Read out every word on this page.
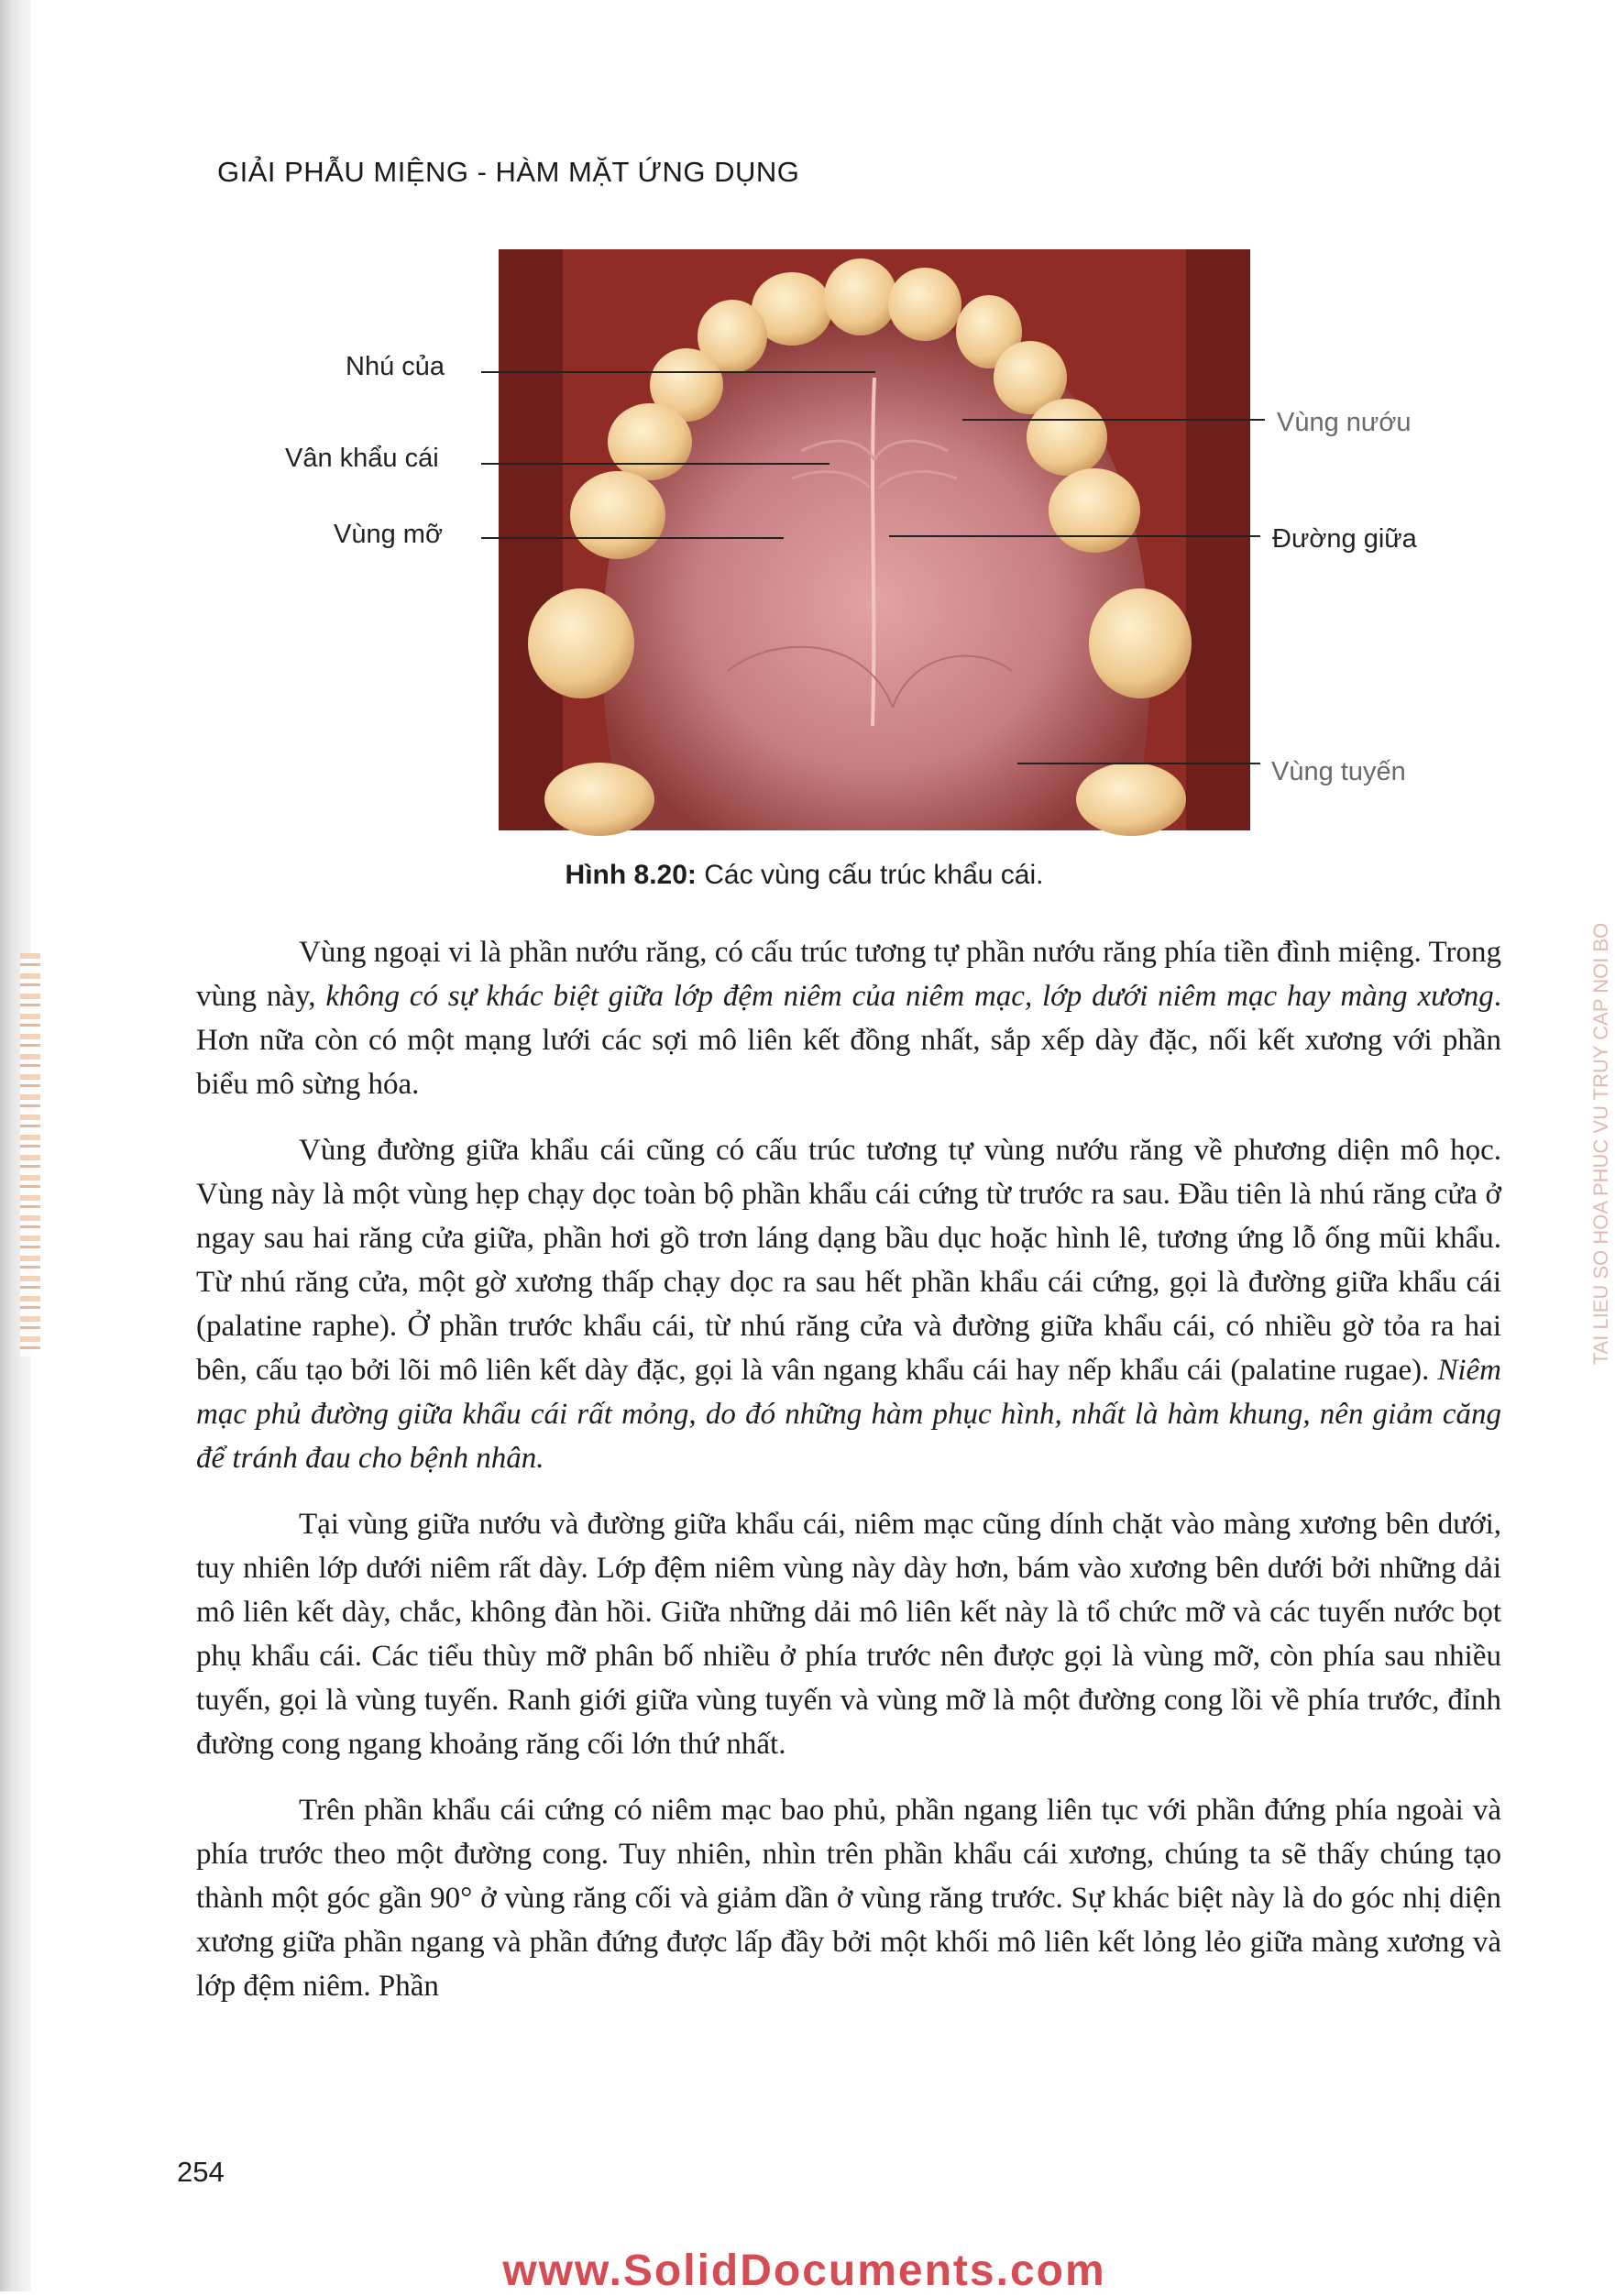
GIẢI PHẪU MIỆNG - HÀM MẶT ỨNG DỤNG
Nhú của
Vân khẩu cái
Vùng mỡ
Vùng nướu
Đường giữa
Vùng tuyến
Hình 8.20: Các vùng cấu trúc khẩu cái.

Vùng ngoại vi là phần nướu răng, có cấu trúc tương tự phần nướu răng phía tiền đình miệng. Trong vùng này, không có sự khác biệt giữa lớp đệm niêm của niêm mạc, lớp dưới niêm mạc hay màng xương. Hơn nữa còn có một mạng lưới các sợi mô liên kết đồng nhất, sắp xếp dày đặc, nối kết xương với phần biểu mô sừng hóa.

Vùng đường giữa khẩu cái cũng có cấu trúc tương tự vùng nướu răng về phương diện mô học. Vùng này là một vùng hẹp chạy dọc toàn bộ phần khẩu cái cứng từ trước ra sau. Đầu tiên là nhú răng cửa ở ngay sau hai răng cửa giữa, phần hơi gồ trơn láng dạng bầu dục hoặc hình lê, tương ứng lỗ ống mũi khẩu. Từ nhú răng cửa, một gờ xương thấp chạy dọc ra sau hết phần khẩu cái cứng, gọi là đường giữa khẩu cái (palatine raphe). Ở phần trước khẩu cái, từ nhú răng cửa và đường giữa khẩu cái, có nhiều gờ tỏa ra hai bên, cấu tạo bởi lõi mô liên kết dày đặc, gọi là vân ngang khẩu cái hay nếp khẩu cái (palatine rugae). Niêm mạc phủ đường giữa khẩu cái rất mỏng, do đó những hàm phục hình, nhất là hàm khung, nên giảm căng để tránh đau cho bệnh nhân.

Tại vùng giữa nướu và đường giữa khẩu cái, niêm mạc cũng dính chặt vào màng xương bên dưới, tuy nhiên lớp dưới niêm rất dày. Lớp đệm niêm vùng này dày hơn, bám vào xương bên dưới bởi những dải mô liên kết dày, chắc, không đàn hồi. Giữa những dải mô liên kết này là tổ chức mỡ và các tuyến nước bọt phụ khẩu cái. Các tiểu thùy mỡ phân bố nhiều ở phía trước nên được gọi là vùng mỡ, còn phía sau nhiều tuyến, gọi là vùng tuyến. Ranh giới giữa vùng tuyến và vùng mỡ là một đường cong lồi về phía trước, đỉnh đường cong ngang khoảng răng cối lớn thứ nhất.

Trên phần khẩu cái cứng có niêm mạc bao phủ, phần ngang liên tục với phần đứng phía ngoài và phía trước theo một đường cong. Tuy nhiên, nhìn trên phần khẩu cái xương, chúng ta sẽ thấy chúng tạo thành một góc gần 90° ở vùng răng cối và giảm dần ở vùng răng trước. Sự khác biệt này là do góc nhị diện xương giữa phần ngang và phần đứng được lấp đầy bởi một khối mô liên kết lỏng lẻo giữa màng xương và lớp đệm niêm. Phần

TAI LIEU SO HOA PHUC VU TRUY CAP NOI BO
254
www.SolidDocuments.com
